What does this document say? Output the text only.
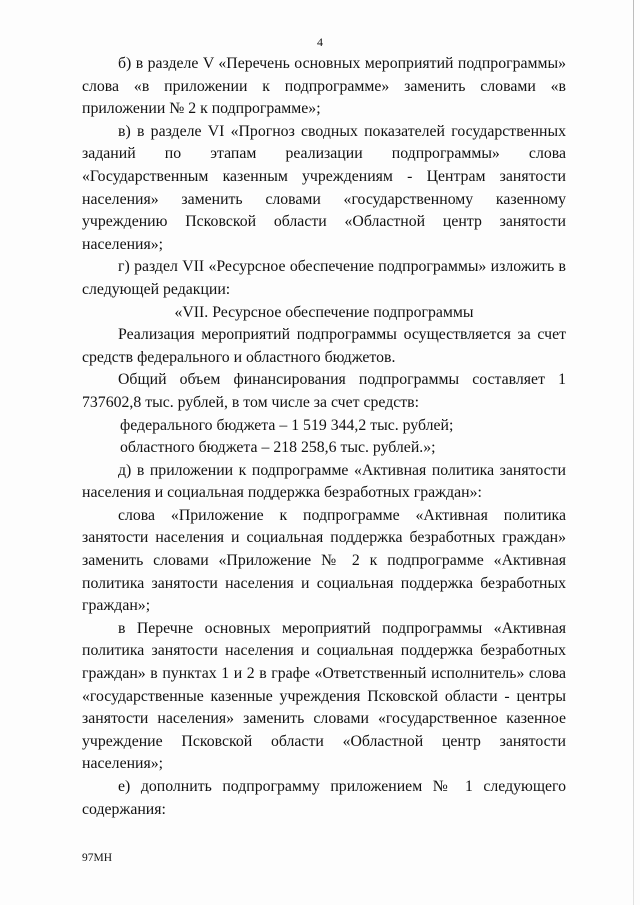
4

б) в разделе V «Перечень основных мероприятий подпрограммы» слова «в приложении к подпрограмме» заменить словами «в приложении № 2 к подпрограмме»;

в) в разделе VI «Прогноз сводных показателей государственных заданий по этапам реализации подпрограммы» слова «Государственным казенным учреждениям - Центрам занятости населения» заменить словами «государственному казенному учреждению Псковской области «Областной центр занятости населения»;

г) раздел VII «Ресурсное обеспечение подпрограммы» изложить в следующей редакции:

«VII. Ресурсное обеспечение подпрограммы

Реализация мероприятий подпрограммы осуществляется за счет средств федерального и областного бюджетов.

Общий объем финансирования подпрограммы составляет 1 737602,8 тыс. рублей, в том числе за счет средств:

федерального бюджета – 1 519 344,2 тыс. рублей;

областного бюджета – 218 258,6 тыс. рублей.»;

д) в приложении к подпрограмме «Активная политика занятости населения и социальная поддержка безработных граждан»:

слова «Приложение к подпрограмме «Активная политика занятости населения и социальная поддержка безработных граждан» заменить словами «Приложение № 2 к подпрограмме «Активная политика занятости населения и социальная поддержка безработных граждан»;

в Перечне основных мероприятий подпрограммы «Активная политика занятости населения и социальная поддержка безработных граждан» в пунктах 1 и 2 в графе «Ответственный исполнитель» слова «государственные казенные учреждения Псковской области - центры занятости населения» заменить словами «государственное казенное учреждение Псковской области «Областной центр занятости населения»;

е) дополнить подпрограмму приложением № 1 следующего содержания:

97МН
